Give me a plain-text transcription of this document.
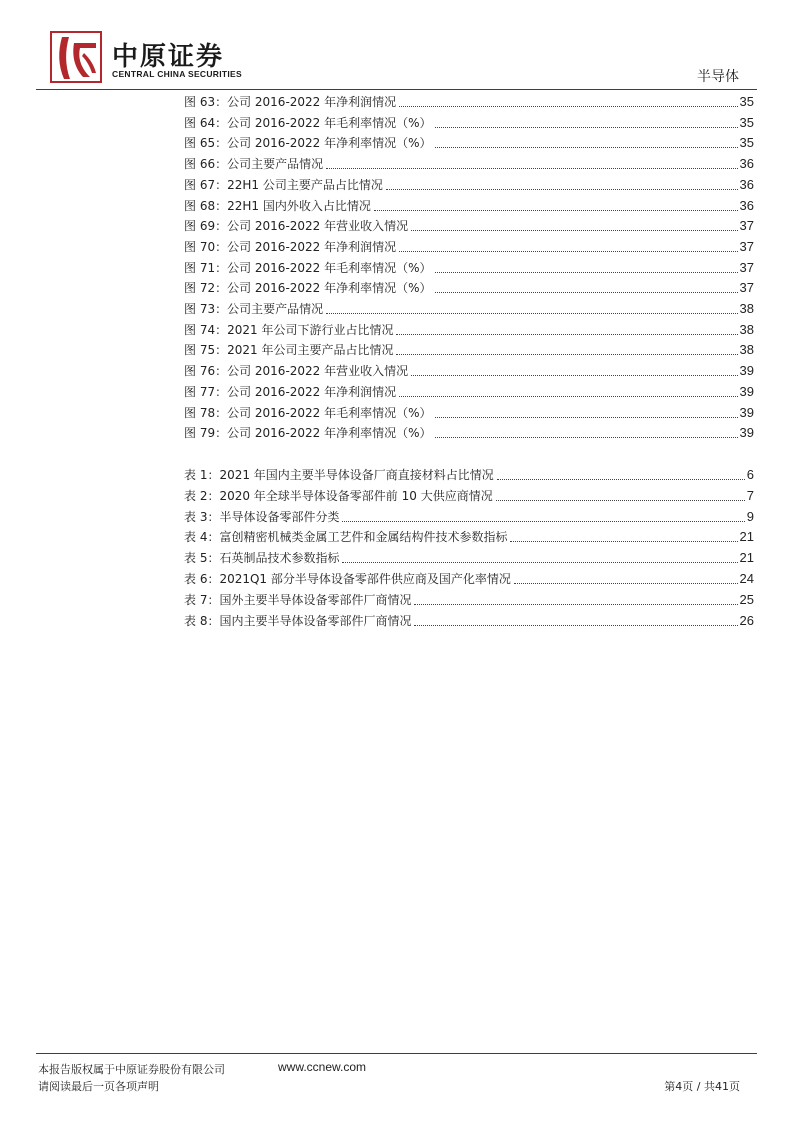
中原证券
CENTRAL CHINA SECURITIES	半导体
图 63：公司 2016-2022 年净利润情况	35
图 64：公司 2016-2022 年毛利率情况（%）	35
图 65：公司 2016-2022 年净利率情况（%）	35
图 66：公司主要产品情况	36
图 67：22H1 公司主要产品占比情况	36
图 68：22H1 国内外收入占比情况	36
图 69：公司 2016-2022 年营业收入情况	37
图 70：公司 2016-2022 年净利润情况	37
图 71：公司 2016-2022 年毛利率情况（%）	37
图 72：公司 2016-2022 年净利率情况（%）	37
图 73：公司主要产品情况	38
图 74：2021 年公司下游行业占比情况	38
图 75：2021 年公司主要产品占比情况	38
图 76：公司 2016-2022 年营业收入情况	39
图 77：公司 2016-2022 年净利润情况	39
图 78：公司 2016-2022 年毛利率情况（%）	39
图 79：公司 2016-2022 年净利率情况（%）	39
表 1：2021 年国内主要半导体设备厂商直接材料占比情况	6
表 2：2020 年全球半导体设备零部件前 10 大供应商情况	7
表 3：半导体设备零部件分类	9
表 4：富创精密机械类金属工艺件和金属结构件技术参数指标	21
表 5：石英制品技术参数指标	21
表 6：2021Q1 部分半导体设备零部件供应商及国产化率情况	24
表 7：国外主要半导体设备零部件厂商情况	25
表 8：国内主要半导体设备零部件厂商情况	26
本报告版权属于中原证券股份有限公司	www.ccnew.com
请阅读最后一页各项声明	第4页 / 共41页
